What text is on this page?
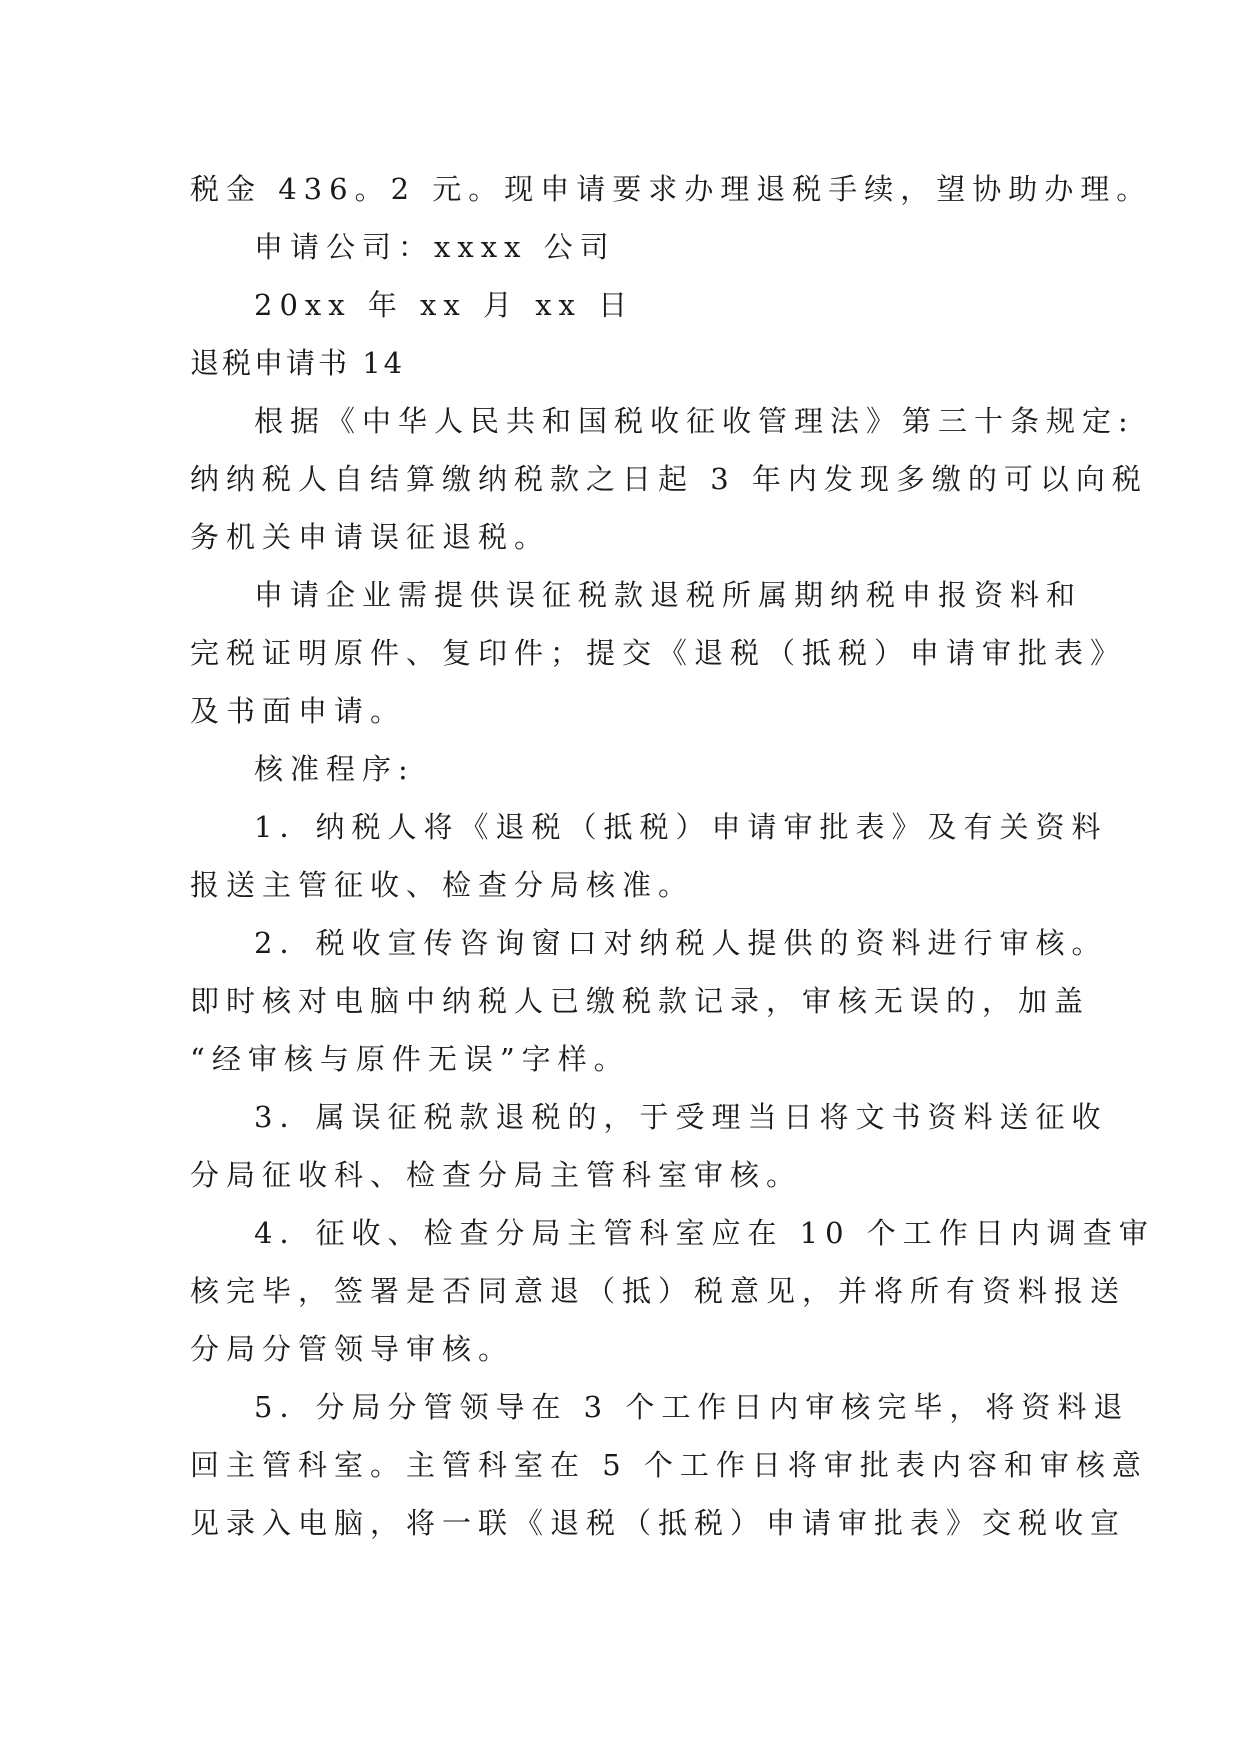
税金 436。2 元。现申请要求办理退税手续，望协助办理。
申请公司：xxxx 公司
20xx 年 xx 月 xx 日
退税申请书 14
根据《中华人民共和国税收征收管理法》第三十条规定:
纳纳税人自结算缴纳税款之日起 3 年内发现多缴的可以向税
务机关申请误征退税。
申请企业需提供误征税款退税所属期纳税申报资料和
完税证明原件、复印件；提交《退税（抵税）申请审批表》
及书面申请。
核准程序:
1．纳税人将《退税（抵税）申请审批表》及有关资料
报送主管征收、检查分局核准。
2．税收宣传咨询窗口对纳税人提供的资料进行审核。
即时核对电脑中纳税人已缴税款记录，审核无误的，加盖
“经审核与原件无误”字样。
3．属误征税款退税的，于受理当日将文书资料送征收
分局征收科、检查分局主管科室审核。
4．征收、检查分局主管科室应在 10 个工作日内调查审
核完毕，签署是否同意退（抵）税意见，并将所有资料报送
分局分管领导审核。
5．分局分管领导在 3 个工作日内审核完毕，将资料退
回主管科室。主管科室在 5 个工作日将审批表内容和审核意
见录入电脑，将一联《退税（抵税）申请审批表》交税收宣
